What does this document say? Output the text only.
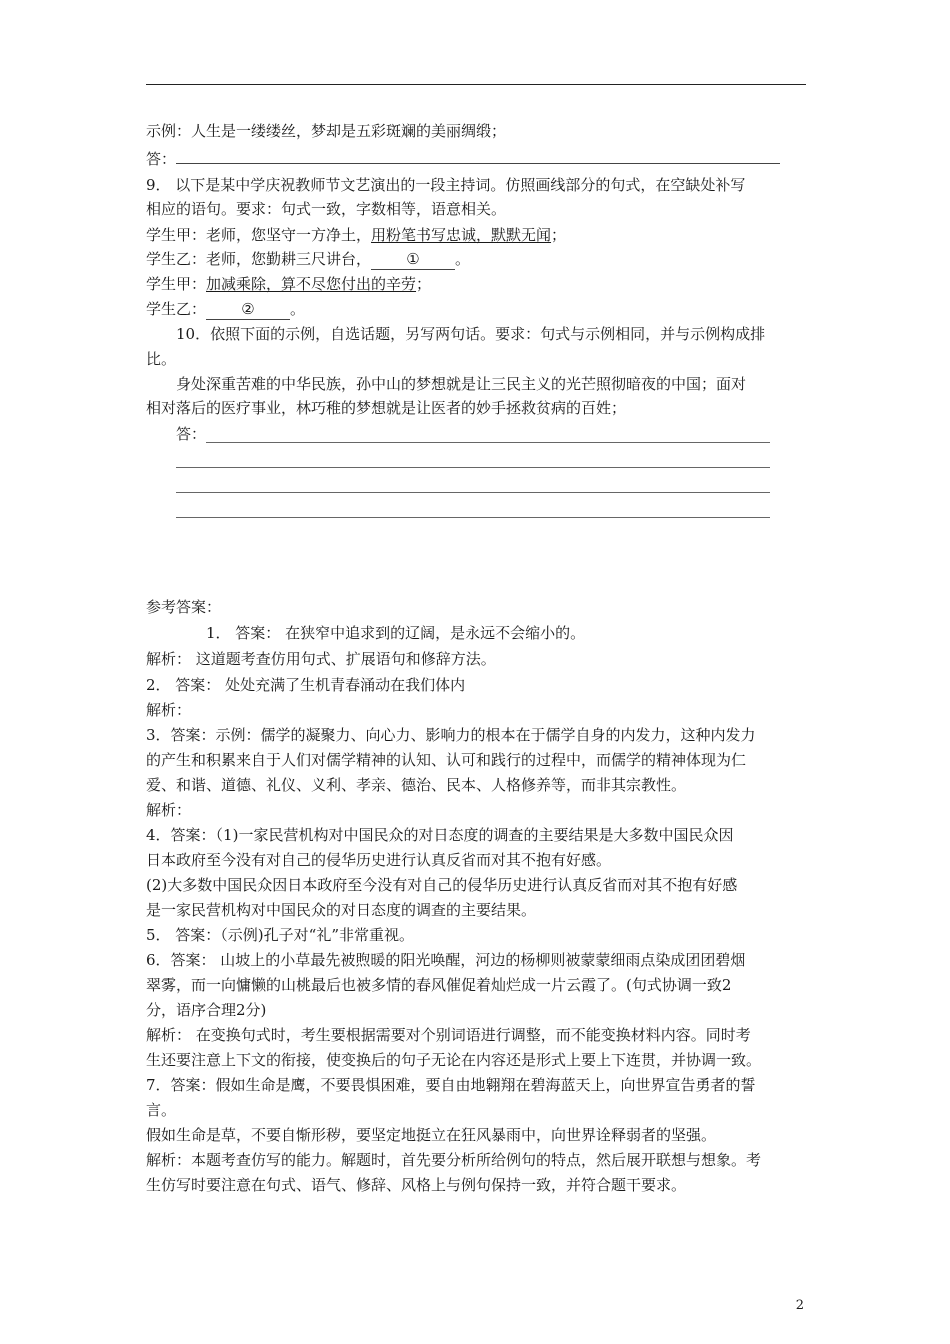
示例：人生是一缕缕丝，梦却是五彩斑斓的美丽绸缎；
答：
9． 以下是某中学庆祝教师节文艺演出的一段主持词。仿照画线部分的句式，在空缺处补写
相应的语句。要求：句式一致，字数相等，语意相关。
学生甲：老师，您坚守一方净土，用粉笔书写忠诚，默默无闻；
学生乙：老师，您勤耕三尺讲台， ① 。
学生甲：加减乘除，算不尽您付出的辛劳；
学生乙： ② 。
10．依照下面的示例，自选话题，另写两句话。要求：句式与示例相同，并与示例构成排
比。
身处深重苦难的中华民族，孙中山的梦想就是让三民主义的光芒照彻暗夜的中国；面对
相对落后的医疗事业，林巧稚的梦想就是让医者的妙手拯救贫病的百姓；
答：
参考答案：
1． 答案： 在狭窄中追求到的辽阔，是永远不会缩小的。
解析： 这道题考查仿用句式、扩展语句和修辞方法。
2． 答案： 处处充满了生机青春涌动在我们体内
解析：
3．答案：示例：儒学的凝聚力、向心力、影响力的根本在于儒学自身的内发力，这种内发力
的产生和积累来自于人们对儒学精神的认知、认可和践行的过程中，而儒学的精神体现为仁
爱、和谐、道德、礼仪、义利、孝亲、德治、民本、人格修养等，而非其宗教性。
解析：
4．答案：（1)一家民营机构对中国民众的对日态度的调查的主要结果是大多数中国民众因
日本政府至今没有对自己的侵华历史进行认真反省而对其不抱有好感。
(2)大多数中国民众因日本政府至今没有对自己的侵华历史进行认真反省而对其不抱有好感
是一家民营机构对中国民众的对日态度的调查的主要结果。
5． 答案：（示例)孔子对“礼”非常重视。
6．答案： 山坡上的小草最先被煦暖的阳光唤醒，河边的杨柳则被蒙蒙细雨点染成团团碧烟
翠雾，而一向慵懒的山桃最后也被多情的春风催促着灿烂成一片云霞了。(句式协调一致2
分，语序合理2分)
解析： 在变换句式时，考生要根据需要对个别词语进行调整，而不能变换材料内容。同时考
生还要注意上下文的衔接，使变换后的句子无论在内容还是形式上要上下连贯，并协调一致。
7．答案：假如生命是鹰，不要畏惧困难，要自由地翱翔在碧海蓝天上，向世界宣告勇者的誓
言。
假如生命是草，不要自惭形秽，要坚定地挺立在狂风暴雨中，向世界诠释弱者的坚强。
解析：本题考查仿写的能力。解题时，首先要分析所给例句的特点，然后展开联想与想象。考
生仿写时要注意在句式、语气、修辞、风格上与例句保持一致，并符合题干要求。
2
